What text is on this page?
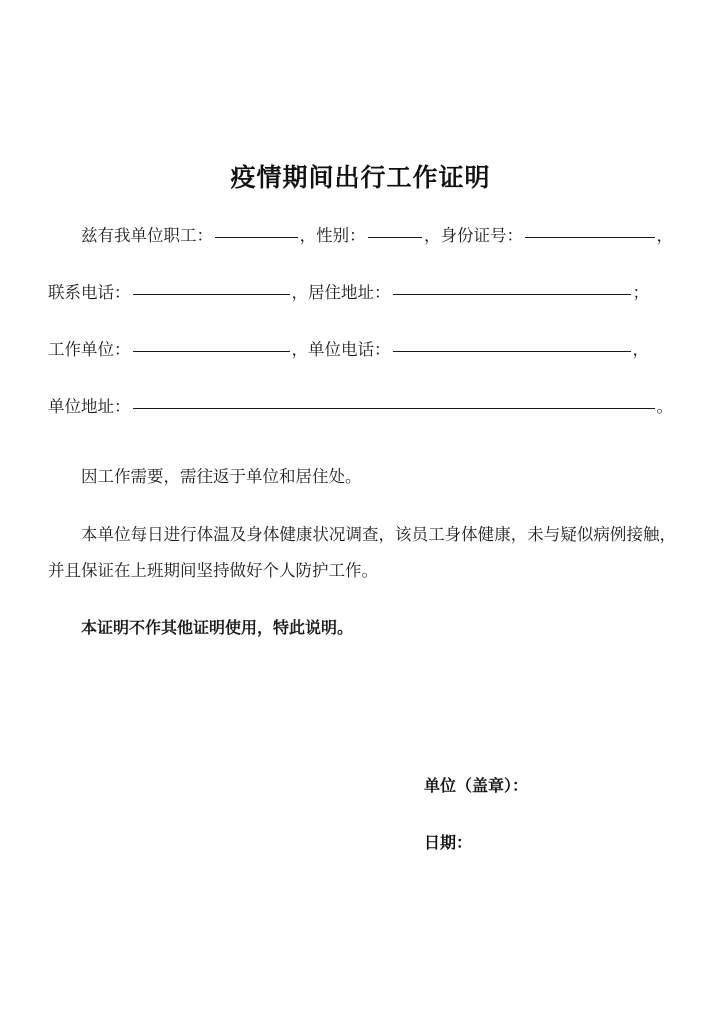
疫情期间出行工作证明
兹有我单位职工：	，性别：	，身份证号：	，
联系电话：	，居住地址：	；
工作单位：	，单位电话：	，
单位地址：	。

因工作需要，需往返于单位和居住处。

本单位每日进行体温及身体健康状况调查，该员工身体健康，未与疑似病例接触，并且保证在上班期间坚持做好个人防护工作。

本证明不作其他证明使用，特此说明。

单位（盖章）：
日期：
